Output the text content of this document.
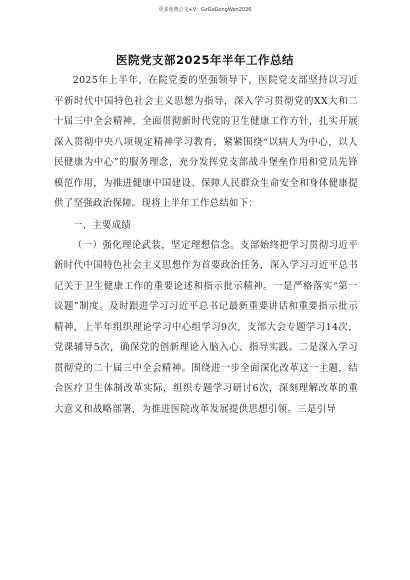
更多免费公文+V：GzGoGongWen2026
医院党支部2025年半年工作总结

2025年上半年，在院党委的坚强领导下，医院党支部坚持以习近平新时代中国特色社会主义思想为指导，深入学习贯彻党的XX大和二十届三中全会精神，全面贯彻新时代党的卫生健康工作方针，扎实开展深入贯彻中央八项规定精神学习教育，紧紧围绕“以病人为中心，以人民健康为中心”的服务理念，充分发挥党支部战斗堡垒作用和党员先锋模范作用，为推进健康中国建设、保障人民群众生命安全和身体健康提供了坚强政治保障。现将上半年工作总结如下：

一、主要成绩

（一）强化理论武装，坚定理想信念。支部始终把学习贯彻习近平新时代中国特色社会主义思想作为首要政治任务，深入学习习近平总书记关于卫生健康工作的重要论述和指示批示精神。一是严格落实“第一议题”制度。及时跟进学习习近平总书记最新重要讲话和重要指示批示精神，上半年组织理论学习中心组学习9次，支部大会专题学习14次，党课辅导5次，确保党的创新理论入脑入心、指导实践。二是深入学习贯彻党的二十届三中全会精神。围绕进一步全面深化改革这一主题，结合医疗卫生体制改革实际，组织专题学习研讨6次，深刻理解改革的重大意义和战略部署，为推进医院改革发展提供思想引领。三是引导
